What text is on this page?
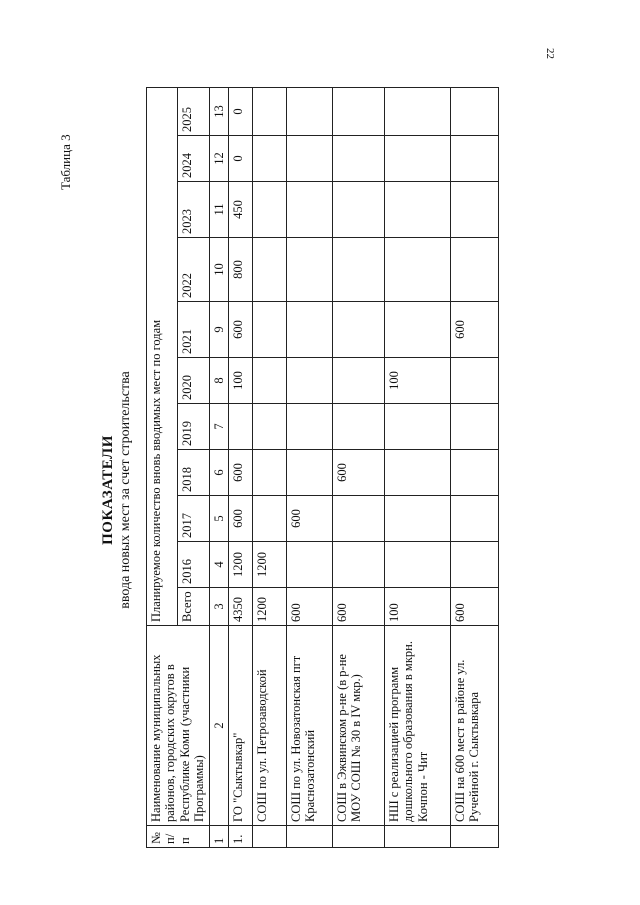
22
Таблица 3
ПОКАЗАТЕЛИ ввода новых мест за счет строительства
№ п/п	Наименование муниципальных районов, городских округов в Республике Коми (участники Программы)	Планируемое количество вновь вводимых мест по годам										
		Всего	2016	2017	2018	2019	2020	2021	2022	2023	2024	2025
1	2	3	4	5	6	7	8	9	10	11	12	13
1.	ГО "Сыктывкар"	4350	1200	600	600		100	600	800	450	0	0
	СОШ по ул. Петрозаводской	1200	1200									
	СОШ по ул. Новозатонская пгт Краснозатонский	600		600								
	СОШ в Эжвинском р-не (в р-не МОУ СОШ № 30 в IV мкр.)	600			600							
	НШ с реализацией программ дошкольного образования в мкрн. Кочпон - Чит	100					100					
	СОШ на 600 мест в районе ул. Ручейной г. Сыктывкара	600						600				
